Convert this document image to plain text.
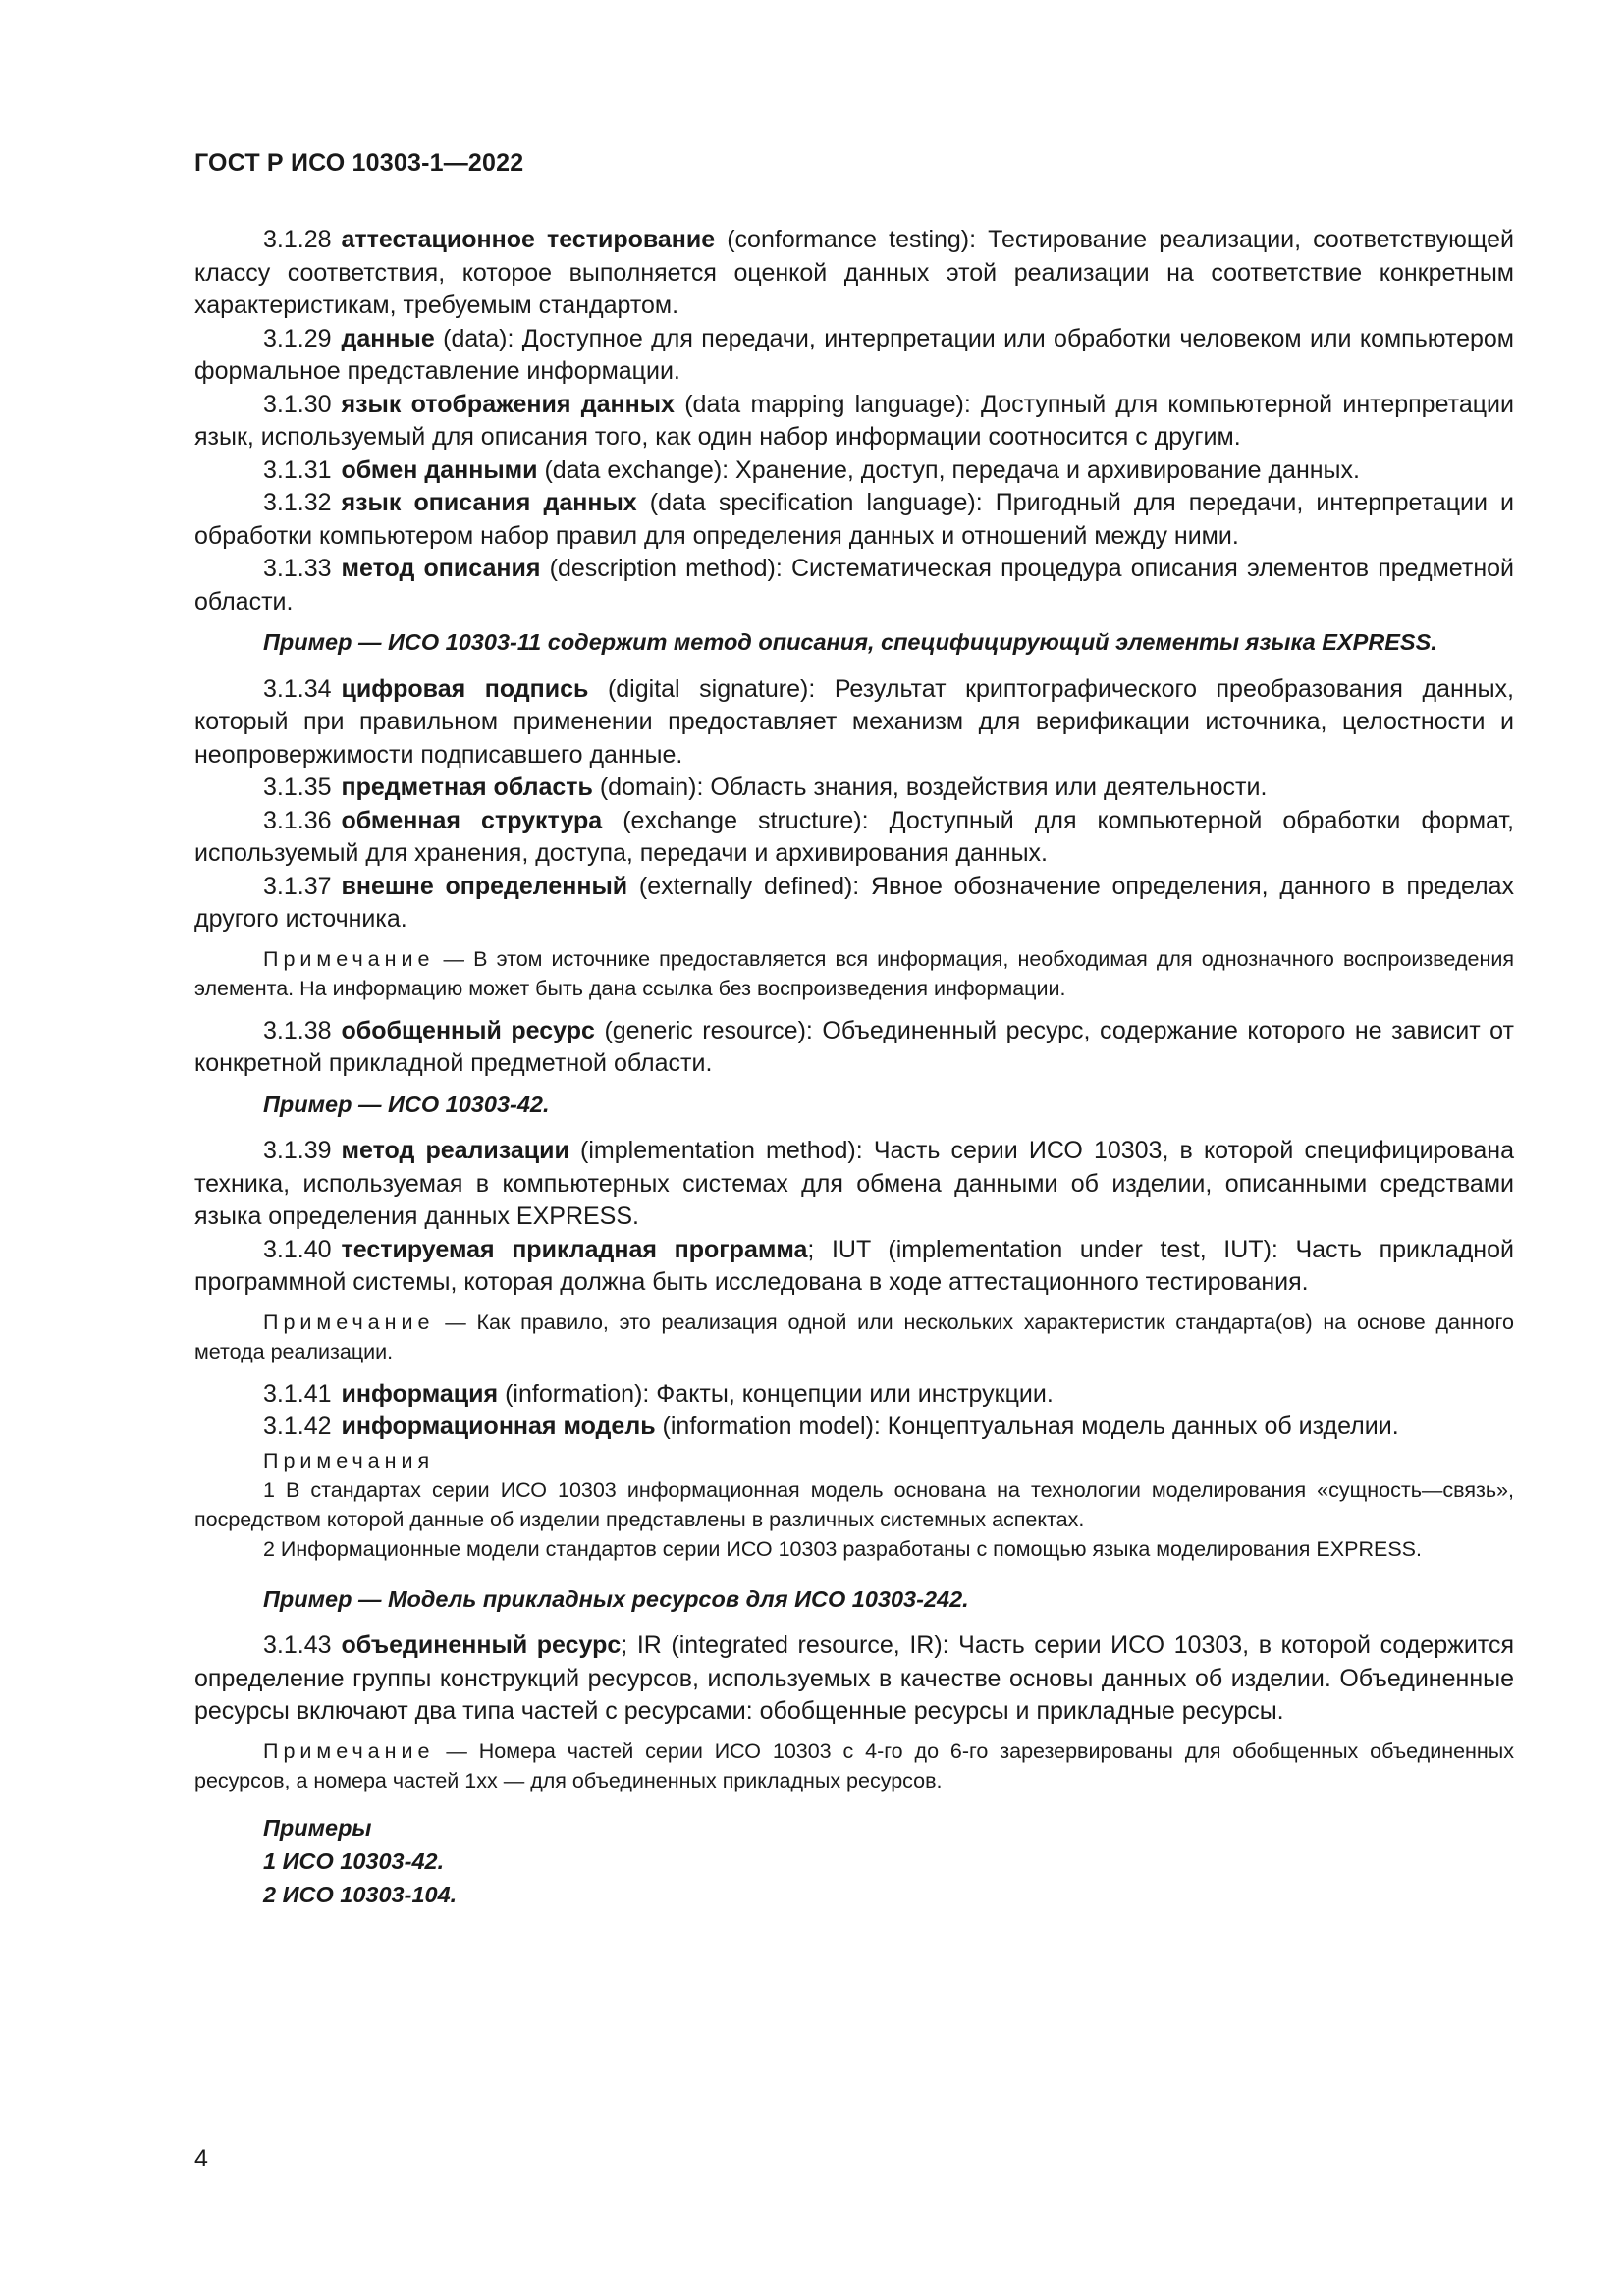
ГОСТ Р ИСО 10303-1—2022

3.1.28 аттестационное тестирование (conformance testing): Тестирование реализации, соответствующей классу соответствия, которое выполняется оценкой данных этой реализации на соответствие конкретным характеристикам, требуемым стандартом.

3.1.29 данные (data): Доступное для передачи, интерпретации или обработки человеком или компьютером формальное представление информации.

3.1.30 язык отображения данных (data mapping language): Доступный для компьютерной интерпретации язык, используемый для описания того, как один набор информации соотносится с другим.

3.1.31 обмен данными (data exchange): Хранение, доступ, передача и архивирование данных.

3.1.32 язык описания данных (data specification language): Пригодный для передачи, интерпретации и обработки компьютером набор правил для определения данных и отношений между ними.

3.1.33 метод описания (description method): Систематическая процедура описания элементов предметной области.

Пример — ИСО 10303-11 содержит метод описания, специфицирующий элементы языка EXPRESS.

3.1.34 цифровая подпись (digital signature): Результат криптографического преобразования данных, который при правильном применении предоставляет механизм для верификации источника, целостности и неопровержимости подписавшего данные.

3.1.35 предметная область (domain): Область знания, воздействия или деятельности.

3.1.36 обменная структура (exchange structure): Доступный для компьютерной обработки формат, используемый для хранения, доступа, передачи и архивирования данных.

3.1.37 внешне определенный (externally defined): Явное обозначение определения, данного в пределах другого источника.

Примечание — В этом источнике предоставляется вся информация, необходимая для однозначного воспроизведения элемента. На информацию может быть дана ссылка без воспроизведения информации.

3.1.38 обобщенный ресурс (generic resource): Объединенный ресурс, содержание которого не зависит от конкретной прикладной предметной области.

Пример — ИСО 10303-42.

3.1.39 метод реализации (implementation method): Часть серии ИСО 10303, в которой специфицирована техника, используемая в компьютерных системах для обмена данными об изделии, описанными средствами языка определения данных EXPRESS.

3.1.40 тестируемая прикладная программа; IUT (implementation under test, IUT): Часть прикладной программной системы, которая должна быть исследована в ходе аттестационного тестирования.

Примечание — Как правило, это реализация одной или нескольких характеристик стандарта(ов) на основе данного метода реализации.

3.1.41 информация (information): Факты, концепции или инструкции.

3.1.42 информационная модель (information model): Концептуальная модель данных об изделии.

Примечания

1 В стандартах серии ИСО 10303 информационная модель основана на технологии моделирования «сущность—связь», посредством которой данные об изделии представлены в различных системных аспектах.

2 Информационные модели стандартов серии ИСО 10303 разработаны с помощью языка моделирования EXPRESS.

Пример — Модель прикладных ресурсов для ИСО 10303-242.

3.1.43 объединенный ресурс; IR (integrated resource, IR): Часть серии ИСО 10303, в которой содержится определение группы конструкций ресурсов, используемых в качестве основы данных об изделии. Объединенные ресурсы включают два типа частей с ресурсами: обобщенные ресурсы и прикладные ресурсы.

Примечание — Номера частей серии ИСО 10303 с 4-го до 6-го зарезервированы для обобщенных объединенных ресурсов, а номера частей 1хх — для объединенных прикладных ресурсов.

Примеры

1 ИСО 10303-42.

2 ИСО 10303-104.

4
